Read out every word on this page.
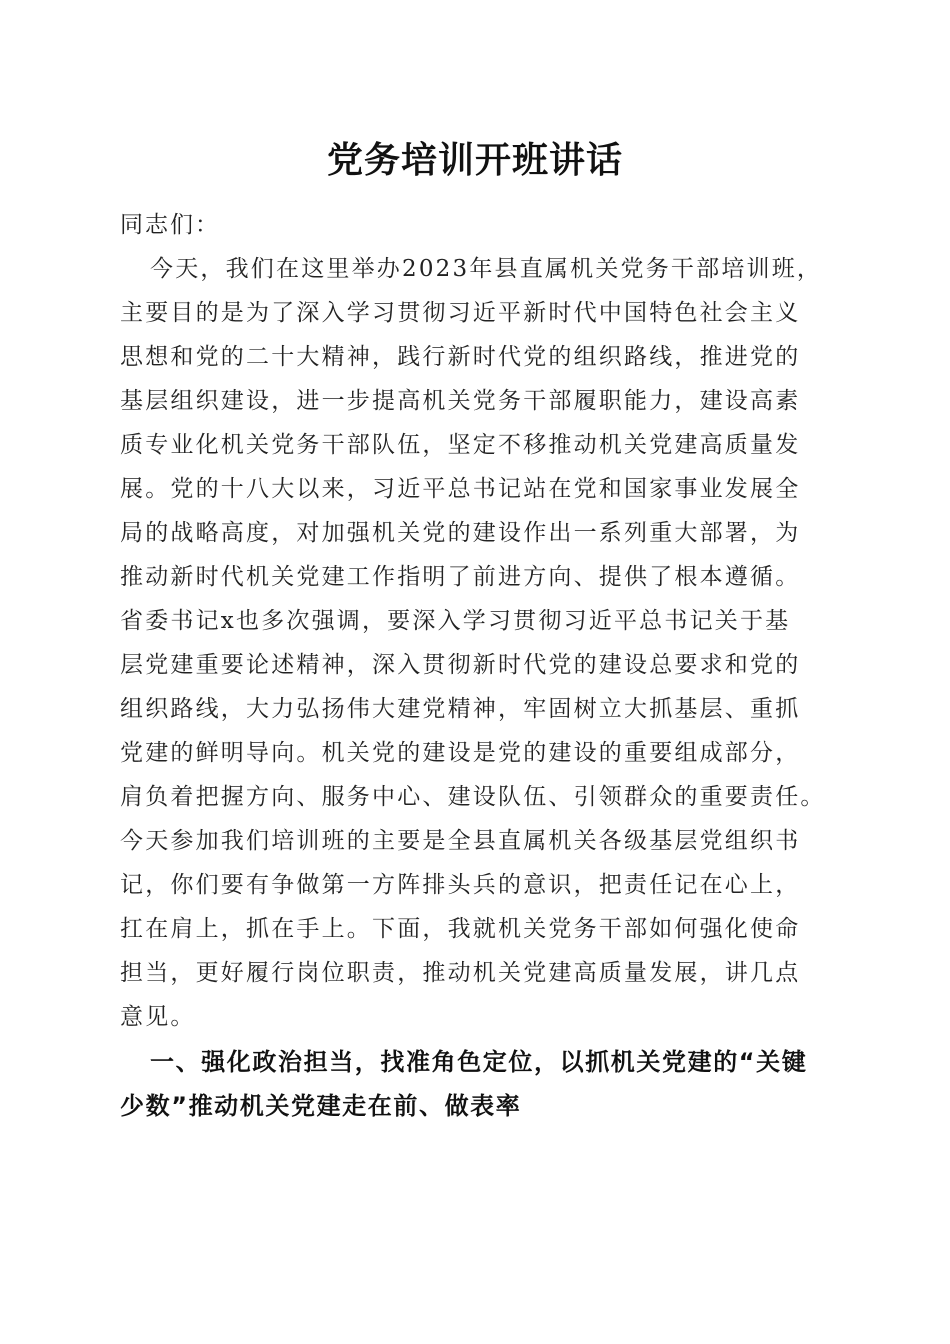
党务培训开班讲话
同志们：
今天，我们在这里举办2023年县直属机关党务干部培训班，
主要目的是为了深入学习贯彻习近平新时代中国特色社会主义
思想和党的二十大精神，践行新时代党的组织路线，推进党的
基层组织建设，进一步提高机关党务干部履职能力，建设高素
质专业化机关党务干部队伍，坚定不移推动机关党建高质量发
展。党的十八大以来，习近平总书记站在党和国家事业发展全
局的战略高度，对加强机关党的建设作出一系列重大部署，为
推动新时代机关党建工作指明了前进方向、提供了根本遵循。
省委书记x也多次强调，要深入学习贯彻习近平总书记关于基
层党建重要论述精神，深入贯彻新时代党的建设总要求和党的
组织路线，大力弘扬伟大建党精神，牢固树立大抓基层、重抓
党建的鲜明导向。机关党的建设是党的建设的重要组成部分，
肩负着把握方向、服务中心、建设队伍、引领群众的重要责任。
今天参加我们培训班的主要是全县直属机关各级基层党组织书
记，你们要有争做第一方阵排头兵的意识，把责任记在心上，
扛在肩上，抓在手上。下面，我就机关党务干部如何强化使命
担当，更好履行岗位职责，推动机关党建高质量发展，讲几点
意见。
一、强化政治担当，找准角色定位，以抓机关党建的“关键
少数”推动机关党建走在前、做表率
